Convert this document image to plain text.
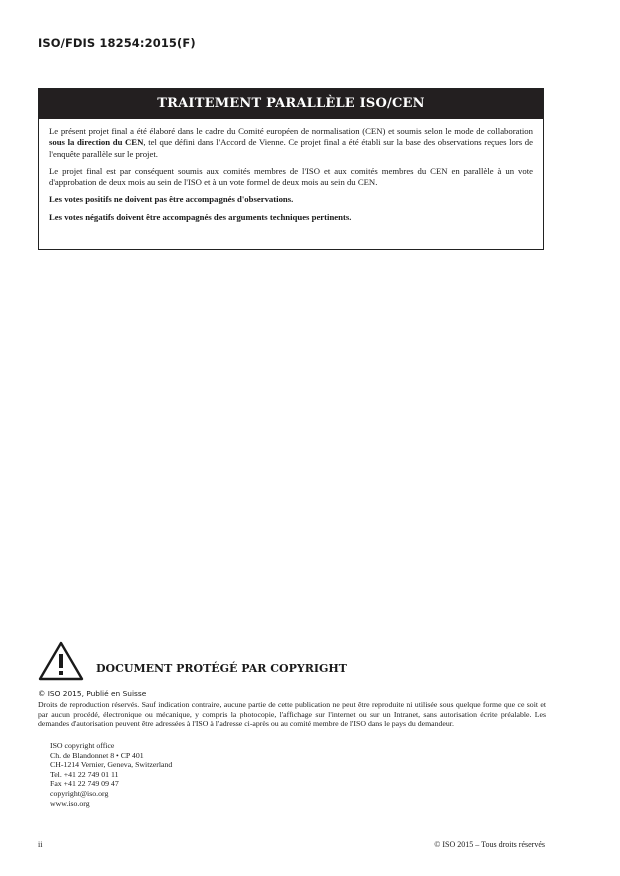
ISO/FDIS 18254:2015(F)
TRAITEMENT PARALLÈLE ISO/CEN

Le présent projet final a été élaboré dans le cadre du Comité européen de normalisation (CEN) et soumis selon le mode de collaboration sous la direction du CEN, tel que défini dans l'Accord de Vienne. Ce projet final a été établi sur la base des observations reçues lors de l'enquête parallèle sur le projet.

Le projet final est par conséquent soumis aux comités membres de l'ISO et aux comités membres du CEN en parallèle à un vote d'approbation de deux mois au sein de l'ISO et à un vote formel de deux mois au sein du CEN.

Les votes positifs ne doivent pas être accompagnés d'observations.

Les votes négatifs doivent être accompagnés des arguments techniques pertinents.

DOCUMENT PROTÉGÉ PAR COPYRIGHT
© ISO 2015, Publié en Suisse
Droits de reproduction réservés. Sauf indication contraire, aucune partie de cette publication ne peut être reproduite ni utilisée sous quelque forme que ce soit et par aucun procédé, électronique ou mécanique, y compris la photocopie, l'affichage sur l'internet ou sur un Intranet, sans autorisation écrite préalable. Les demandes d'autorisation peuvent être adressées à l'ISO à l'adresse ci-après ou au comité membre de l'ISO dans le pays du demandeur.
ISO copyright office
Ch. de Blandonnet 8 • CP 401
CH-1214 Vernier, Geneva, Switzerland
Tel. +41 22 749 01 11
Fax +41 22 749 09 47
copyright@iso.org
www.iso.org
ii	© ISO 2015 – Tous droits réservés
